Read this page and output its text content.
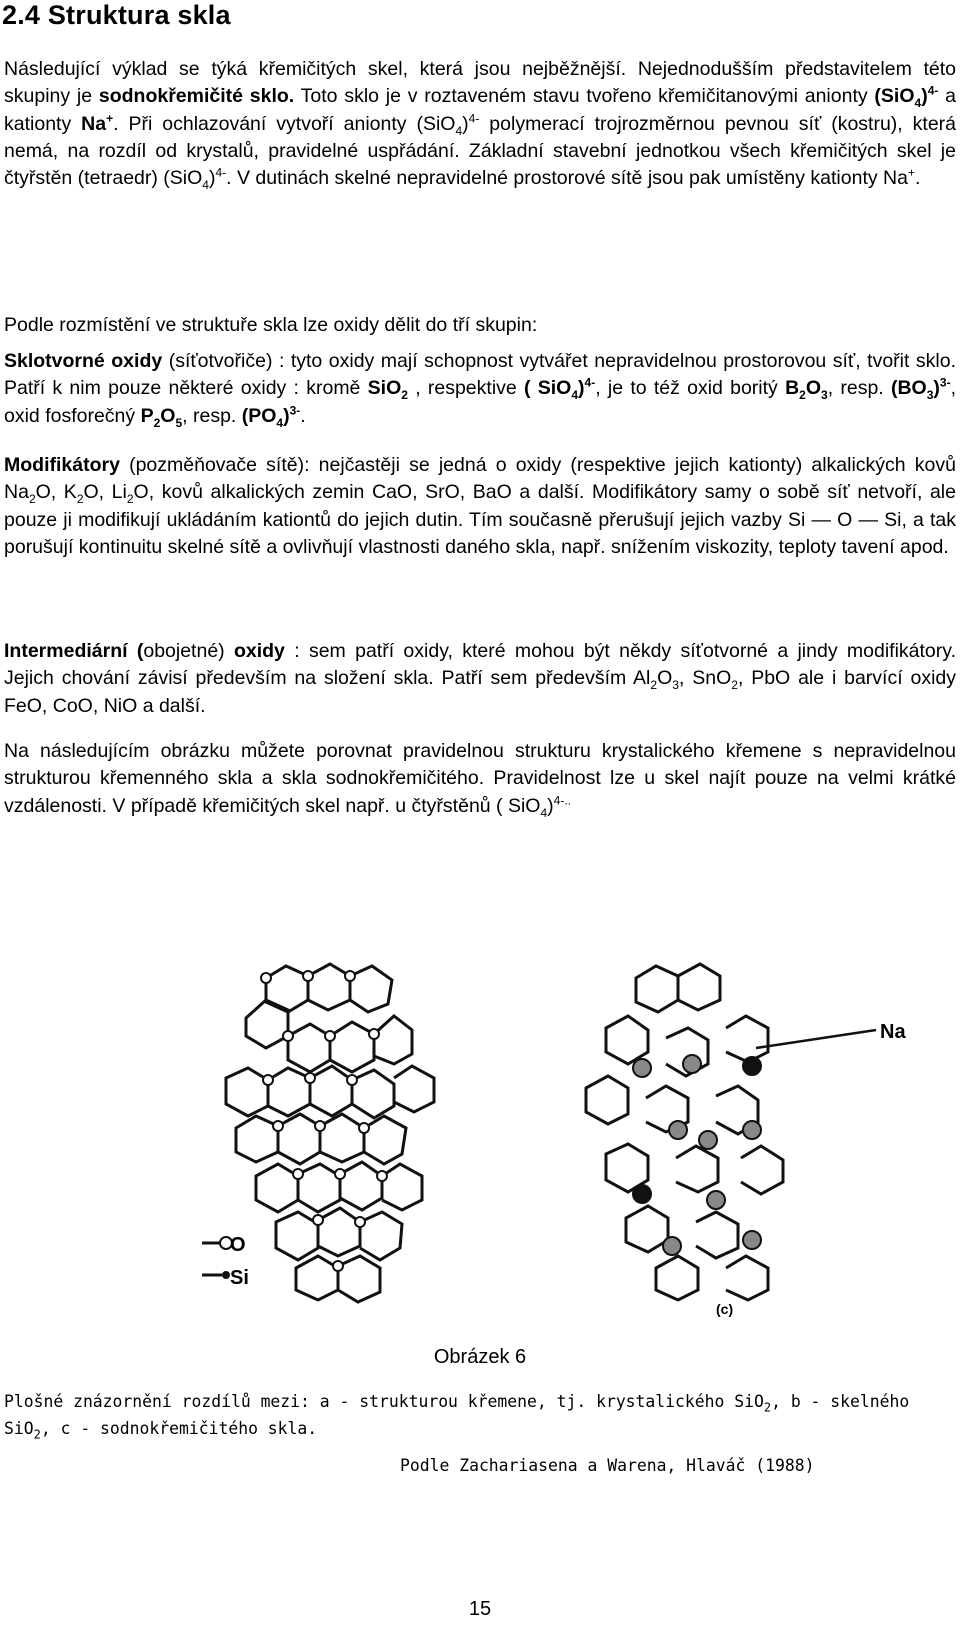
2.4 Struktura skla

Následující výklad se týká křemičitých skel, která jsou nejběžnější. Nejednodušším představitelem této skupiny je sodnokřemičité sklo. Toto sklo je v roztaveném stavu tvořeno křemičitanovými anionty $(SiO_4)^{4-}$ a kationty Na+. Při ochlazování vytvoří anionty $(SiO_4)^{4-}$ polymerací trojrozměrnou pevnou síť (kostru), která nemá, na rozdíl od krystalů, pravidelné uspřádání. Základní stavební jednotkou všech křemičitých skel je čtyřstěn (tetraedr) $(SiO_4)^{4-}$. V dutinách skelné nepravidelné prostorové sítě jsou pak umístěny kationty Na+.

Podle rozmístění ve struktuře skla lze oxidy dělit do tří skupin:

Sklotvorné oxidy (síťotvořiče) : tyto oxidy mají schopnost vytvářet nepravidelnou prostorovou síť, tvořit sklo. Patří k nim pouze některé oxidy : kromě SiO$_2$ , respektive ( SiO$_4$)$^{4-}$, je to též oxid boritý $B_2O_3$, resp. $(BO_3)^{3-}$, oxid fosforečný $P_2O_5$, resp. $(PO_4)^{3-}$.

Modifikátory (pozměňovače sítě): nejčastěji se jedná o oxidy (respektive jejich kationty) alkalických kovů $Na_2O$, $K_2O$, $Li_2O$, kovů alkalických zemin CaO, SrO, BaO a další. Modifikátory samy o sobě síť netvoří, ale pouze ji modifikují ukládáním kationtů do jejich dutin. Tím současně přerušují jejich vazby Si — O — Si, a tak porušují kontinuitu skelné sítě a ovlivňují vlastnosti daného skla, např. snížením viskozity, teploty tavení apod.

Intermediární (obojetné) oxidy : sem patří oxidy, které mohou být někdy síťotvorné a jindy modifikátory. Jejich chování závisí především na složení skla. Patří sem především $Al_2O_3$, SnO$_2$, PbO ale i barvící oxidy FeO, CoO, NiO a další.

Na následujícím obrázku můžete porovnat pravidelnou strukturu krystalického křemene s nepravidelnou strukturou křemenného skla a skla sodnokřemičitého. Pravidelnost lze u skel najít pouze na velmi krátké vzdálenosti. V případě křemičitých skel např. u čtyřstěnů ( SiO$_4$)$^{4-..}$

O
Si
Na
(c)
Obrázek 6

Plošné znázornění rozdílů mezi: a - strukturou křemene, tj. krystalického SiO$_2$, b - skelného SiO$_2$, c - sodnokřemičitého skla.

Podle Zachariasena a Warena, Hlaváč (1988)
15
